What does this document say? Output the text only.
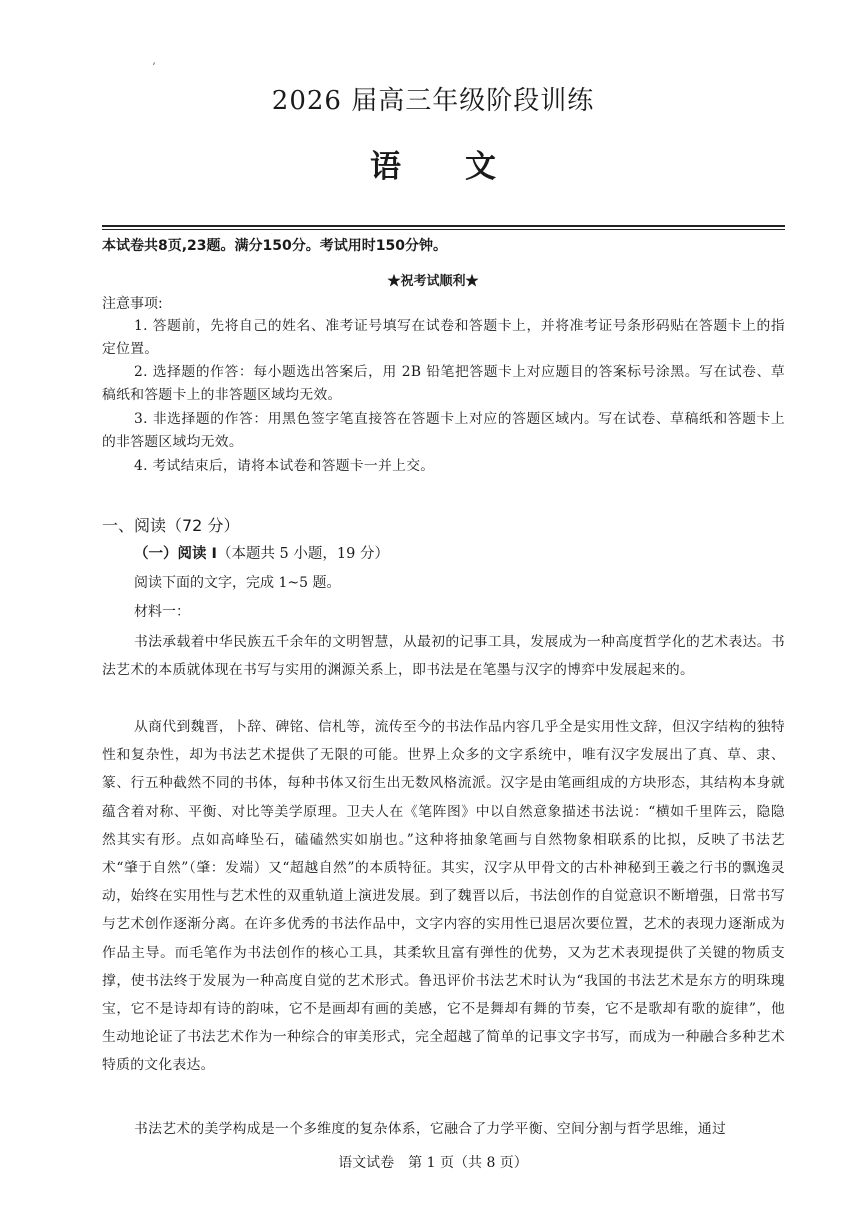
ʼ
2026 届高三年级阶段训练
语 文
本试卷共8页,23题。满分150分。考试用时150分钟。
★祝考试顺利★
注意事项:

1. 答题前，先将自己的姓名、准考证号填写在试卷和答题卡上，并将准考证号条形码贴在答题卡上的指定位置。

2. 选择题的作答：每小题选出答案后，用 2B 铅笔把答题卡上对应题目的答案标号涂黑。写在试卷、草稿纸和答题卡上的非答题区域均无效。

3. 非选择题的作答：用黑色签字笔直接答在答题卡上对应的答题区域内。写在试卷、草稿纸和答题卡上的非答题区域均无效。

4. 考试结束后，请将本试卷和答题卡一并上交。

一、阅读（72 分）
（一）阅读 I（本题共 5 小题，19 分）
阅读下面的文字，完成 1~5 题。
材料一：

书法承载着中华民族五千余年的文明智慧，从最初的记事工具，发展成为一种高度哲学化的艺术表达。书法艺术的本质就体现在书写与实用的渊源关系上，即书法是在笔墨与汉字的博弈中发展起来的。

从商代到魏晋，卜辞、碑铭、信札等，流传至今的书法作品内容几乎全是实用性文辞，但汉字结构的独特性和复杂性，却为书法艺术提供了无限的可能。世界上众多的文字系统中，唯有汉字发展出了真、草、隶、篆、行五种截然不同的书体，每种书体又衍生出无数风格流派。汉字是由笔画组成的方块形态，其结构本身就蕴含着对称、平衡、对比等美学原理。卫夫人在《笔阵图》中以自然意象描述书法说：“横如千里阵云，隐隐然其实有形。点如高峰坠石，磕磕然实如崩也。”这种将抽象笔画与自然物象相联系的比拟，反映了书法艺术“肇于自然”（肇：发端）又“超越自然”的本质特征。其实，汉字从甲骨文的古朴神秘到王羲之行书的飘逸灵动，始终在实用性与艺术性的双重轨道上演进发展。到了魏晋以后，书法创作的自觉意识不断增强，日常书写与艺术创作逐渐分离。在许多优秀的书法作品中，文字内容的实用性已退居次要位置，艺术的表现力逐渐成为作品主导。而毛笔作为书法创作的核心工具，其柔软且富有弹性的优势，又为艺术表现提供了关键的物质支撑，使书法终于发展为一种高度自觉的艺术形式。鲁迅评价书法艺术时认为“我国的书法艺术是东方的明珠瑰宝，它不是诗却有诗的韵味，它不是画却有画的美感，它不是舞却有舞的节奏，它不是歌却有歌的旋律”，他生动地论证了书法艺术作为一种综合的审美形式，完全超越了简单的记事文字书写，而成为一种融合多种艺术特质的文化表达。

书法艺术的美学构成是一个多维度的复杂体系，它融合了力学平衡、空间分割与哲学思维，通过

语文试卷　第 1 页（共 8 页）
